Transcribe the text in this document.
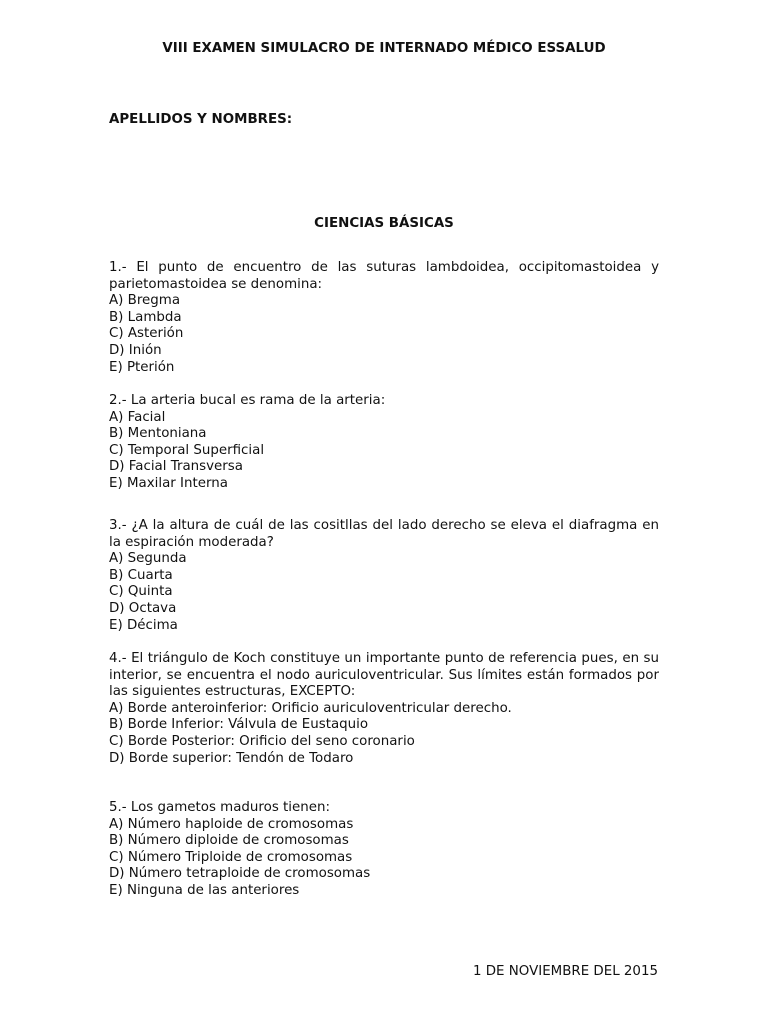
VIII EXAMEN SIMULACRO DE INTERNADO MÉDICO ESSALUD
APELLIDOS Y NOMBRES:
CIENCIAS BÁSICAS

1.- El punto de encuentro de las suturas lambdoidea, occipitomastoidea y parietomastoidea se denomina:

A) Bregma

B) Lambda

C) Asterión

D) Inión

E) Pterión

2.- La arteria bucal es rama de la arteria:

A) Facial

B) Mentoniana

C) Temporal Superficial

D) Facial Transversa

E) Maxilar Interna

3.- ¿A la altura de cuál de las cositllas del lado derecho se eleva el diafragma en la espiración moderada?

A) Segunda

B) Cuarta

C) Quinta

D) Octava

E) Décima

4.- El triángulo de Koch constituye un importante punto de referencia pues, en su interior, se encuentra el nodo auriculoventricular. Sus límites están formados por las siguientes estructuras, EXCEPTO:

A) Borde anteroinferior: Orificio auriculoventricular derecho.

B) Borde Inferior: Válvula de Eustaquio

C) Borde Posterior: Orificio del seno coronario

D) Borde superior: Tendón de Todaro

5.- Los gametos maduros tienen:

A) Número haploide de cromosomas

B) Número diploide de cromosomas

C) Número Triploide de cromosomas

D) Número tetraploide de cromosomas

E) Ninguna de las anteriores

1 DE NOVIEMBRE DEL 2015
